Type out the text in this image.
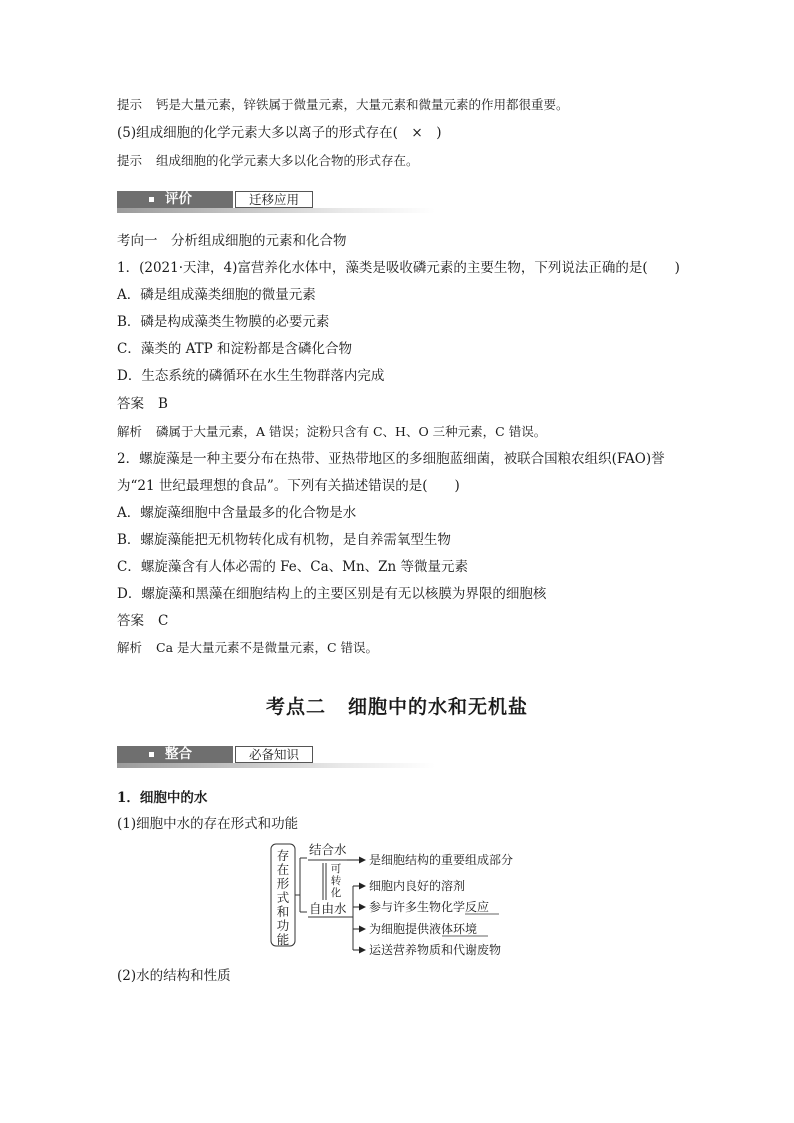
提示 钙是大量元素，锌铁属于微量元素，大量元素和微量元素的作用都很重要。
(5)组成细胞的化学元素大多以离子的形式存在(　×　)
提示 组成细胞的化学元素大多以化合物的形式存在。
评价	迁移应用
考向一　分析组成细胞的元素和化合物
1．(2021·天津，4)富营养化水体中，藻类是吸收磷元素的主要生物，下列说法正确的是(　　)
A．磷是组成藻类细胞的微量元素
B．磷是构成藻类生物膜的必要元素
C．藻类的 ATP 和淀粉都是含磷化合物
D．生态系统的磷循环在水生生物群落内完成
答案 B
解析 磷属于大量元素，A 错误；淀粉只含有 C、H、O 三种元素，C 错误。
2．螺旋藻是一种主要分布在热带、亚热带地区的多细胞蓝细菌，被联合国粮农组织(FAO)誉
为“21 世纪最理想的食品”。下列有关描述错误的是(　　)
A．螺旋藻细胞中含量最多的化合物是水
B．螺旋藻能把无机物转化成有机物，是自养需氧型生物
C．螺旋藻含有人体必需的 Fe、Ca、Mn、Zn 等微量元素
D．螺旋藻和黑藻在细胞结构上的主要区别是有无以核膜为界限的细胞核
答案 C
解析 Ca 是大量元素不是微量元素，C 错误。
考点二 细胞中的水和无机盐
整合	必备知识
1．细胞中的水
(1)细胞中水的存在形式和功能
存
在
形
式
和
功
能
结合水
自由水
可
转
化
是细胞结构的重要组成部分
细胞内良好的溶剂
参与许多生物化学反应
为细胞提供液体环境
运送营养物质和代谢废物
(2)水的结构和性质
